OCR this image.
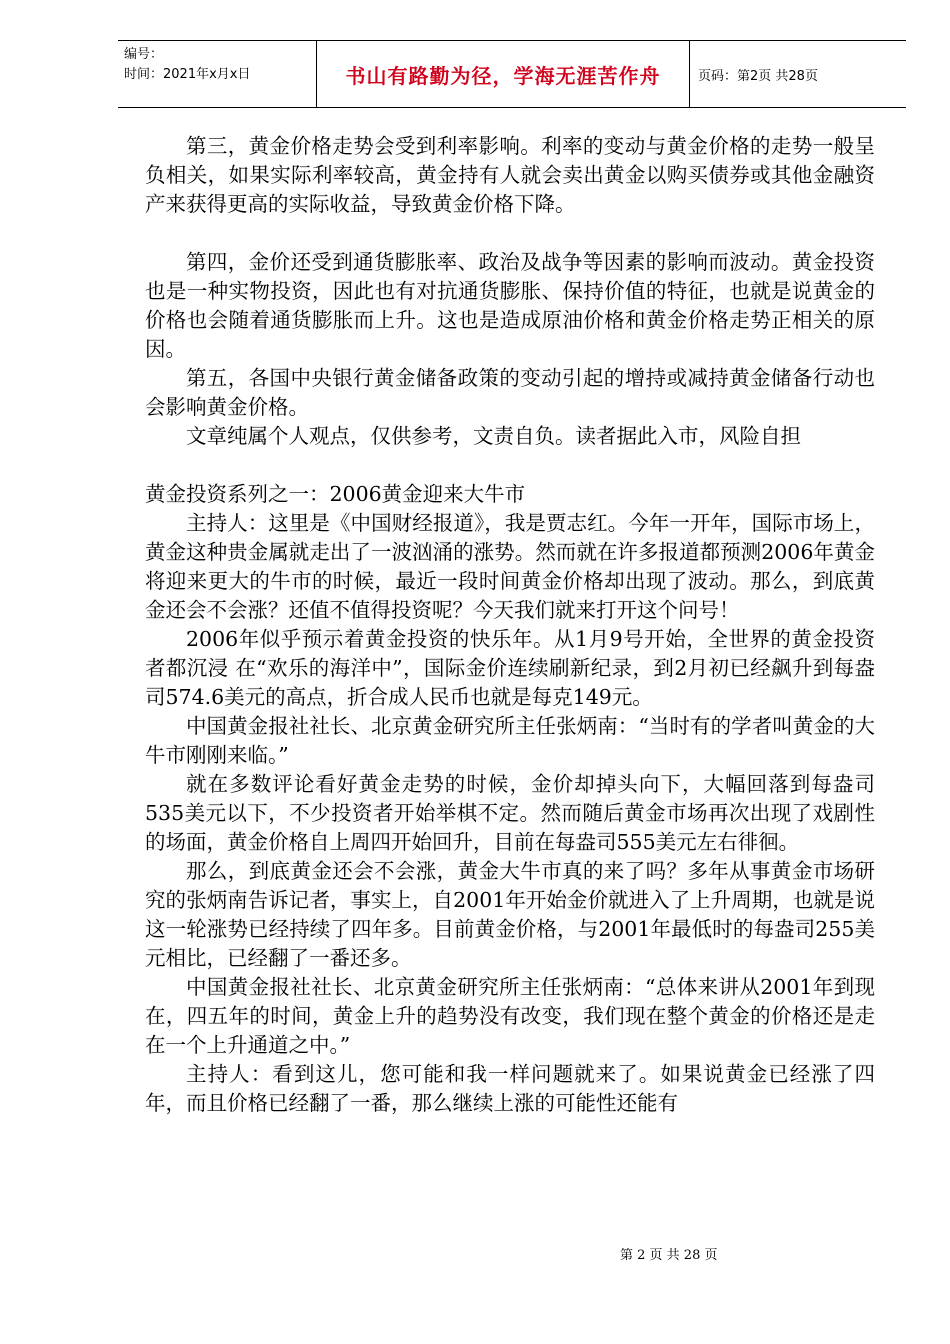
编号：
时间：2021年x月x日	书山有路勤为径，学海无涯苦作舟	页码：第2页 共28页

第三，黄金价格走势会受到利率影响。利率的变动与黄金价格的走势一般呈负相关，如果实际利率较高，黄金持有人就会卖出黄金以购买债券或其他金融资产来获得更高的实际收益，导致黄金价格下降。

第四，金价还受到通货膨胀率、政治及战争等因素的影响而波动。黄金投资也是一种实物投资，因此也有对抗通货膨胀、保持价值的特征，也就是说黄金的价格也会随着通货膨胀而上升。这也是造成原油价格和黄金价格走势正相关的原因。

第五，各国中央银行黄金储备政策的变动引起的增持或减持黄金储备行动也会影响黄金价格。

文章纯属个人观点，仅供参考，文责自负。读者据此入市，风险自担

黄金投资系列之一：2006黄金迎来大牛市

主持人：这里是《中国财经报道》，我是贾志红。今年一开年，国际市场上，黄金这种贵金属就走出了一波汹涌的涨势。然而就在许多报道都预测2006年黄金将迎来更大的牛市的时候，最近一段时间黄金价格却出现了波动。那么，到底黄金还会不会涨？还值不值得投资呢？今天我们就来打开这个问号！

2006年似乎预示着黄金投资的快乐年。从1月9号开始，全世界的黄金投资者都沉浸 在“欢乐的海洋中”，国际金价连续刷新纪录，到2月初已经飙升到每盎司574.6美元的高点，折合成人民币也就是每克149元。

中国黄金报社社长、北京黄金研究所主任张炳南：“当时有的学者叫黄金的大牛市刚刚来临。”

就在多数评论看好黄金走势的时候，金价却掉头向下，大幅回落到每盎司535美元以下，不少投资者开始举棋不定。然而随后黄金市场再次出现了戏剧性的场面，黄金价格自上周四开始回升，目前在每盎司555美元左右徘徊。

那么，到底黄金还会不会涨，黄金大牛市真的来了吗？多年从事黄金市场研究的张炳南告诉记者，事实上，自2001年开始金价就进入了上升周期，也就是说这一轮涨势已经持续了四年多。目前黄金价格，与2001年最低时的每盎司255美元相比，已经翻了一番还多。

中国黄金报社社长、北京黄金研究所主任张炳南：“总体来讲从2001年到现在，四五年的时间，黄金上升的趋势没有改变，我们现在整个黄金的价格还是走在一个上升通道之中。”

主持人：看到这儿，您可能和我一样问题就来了。如果说黄金已经涨了四年，而且价格已经翻了一番，那么继续上涨的可能性还能有

第 2 页 共 28 页
